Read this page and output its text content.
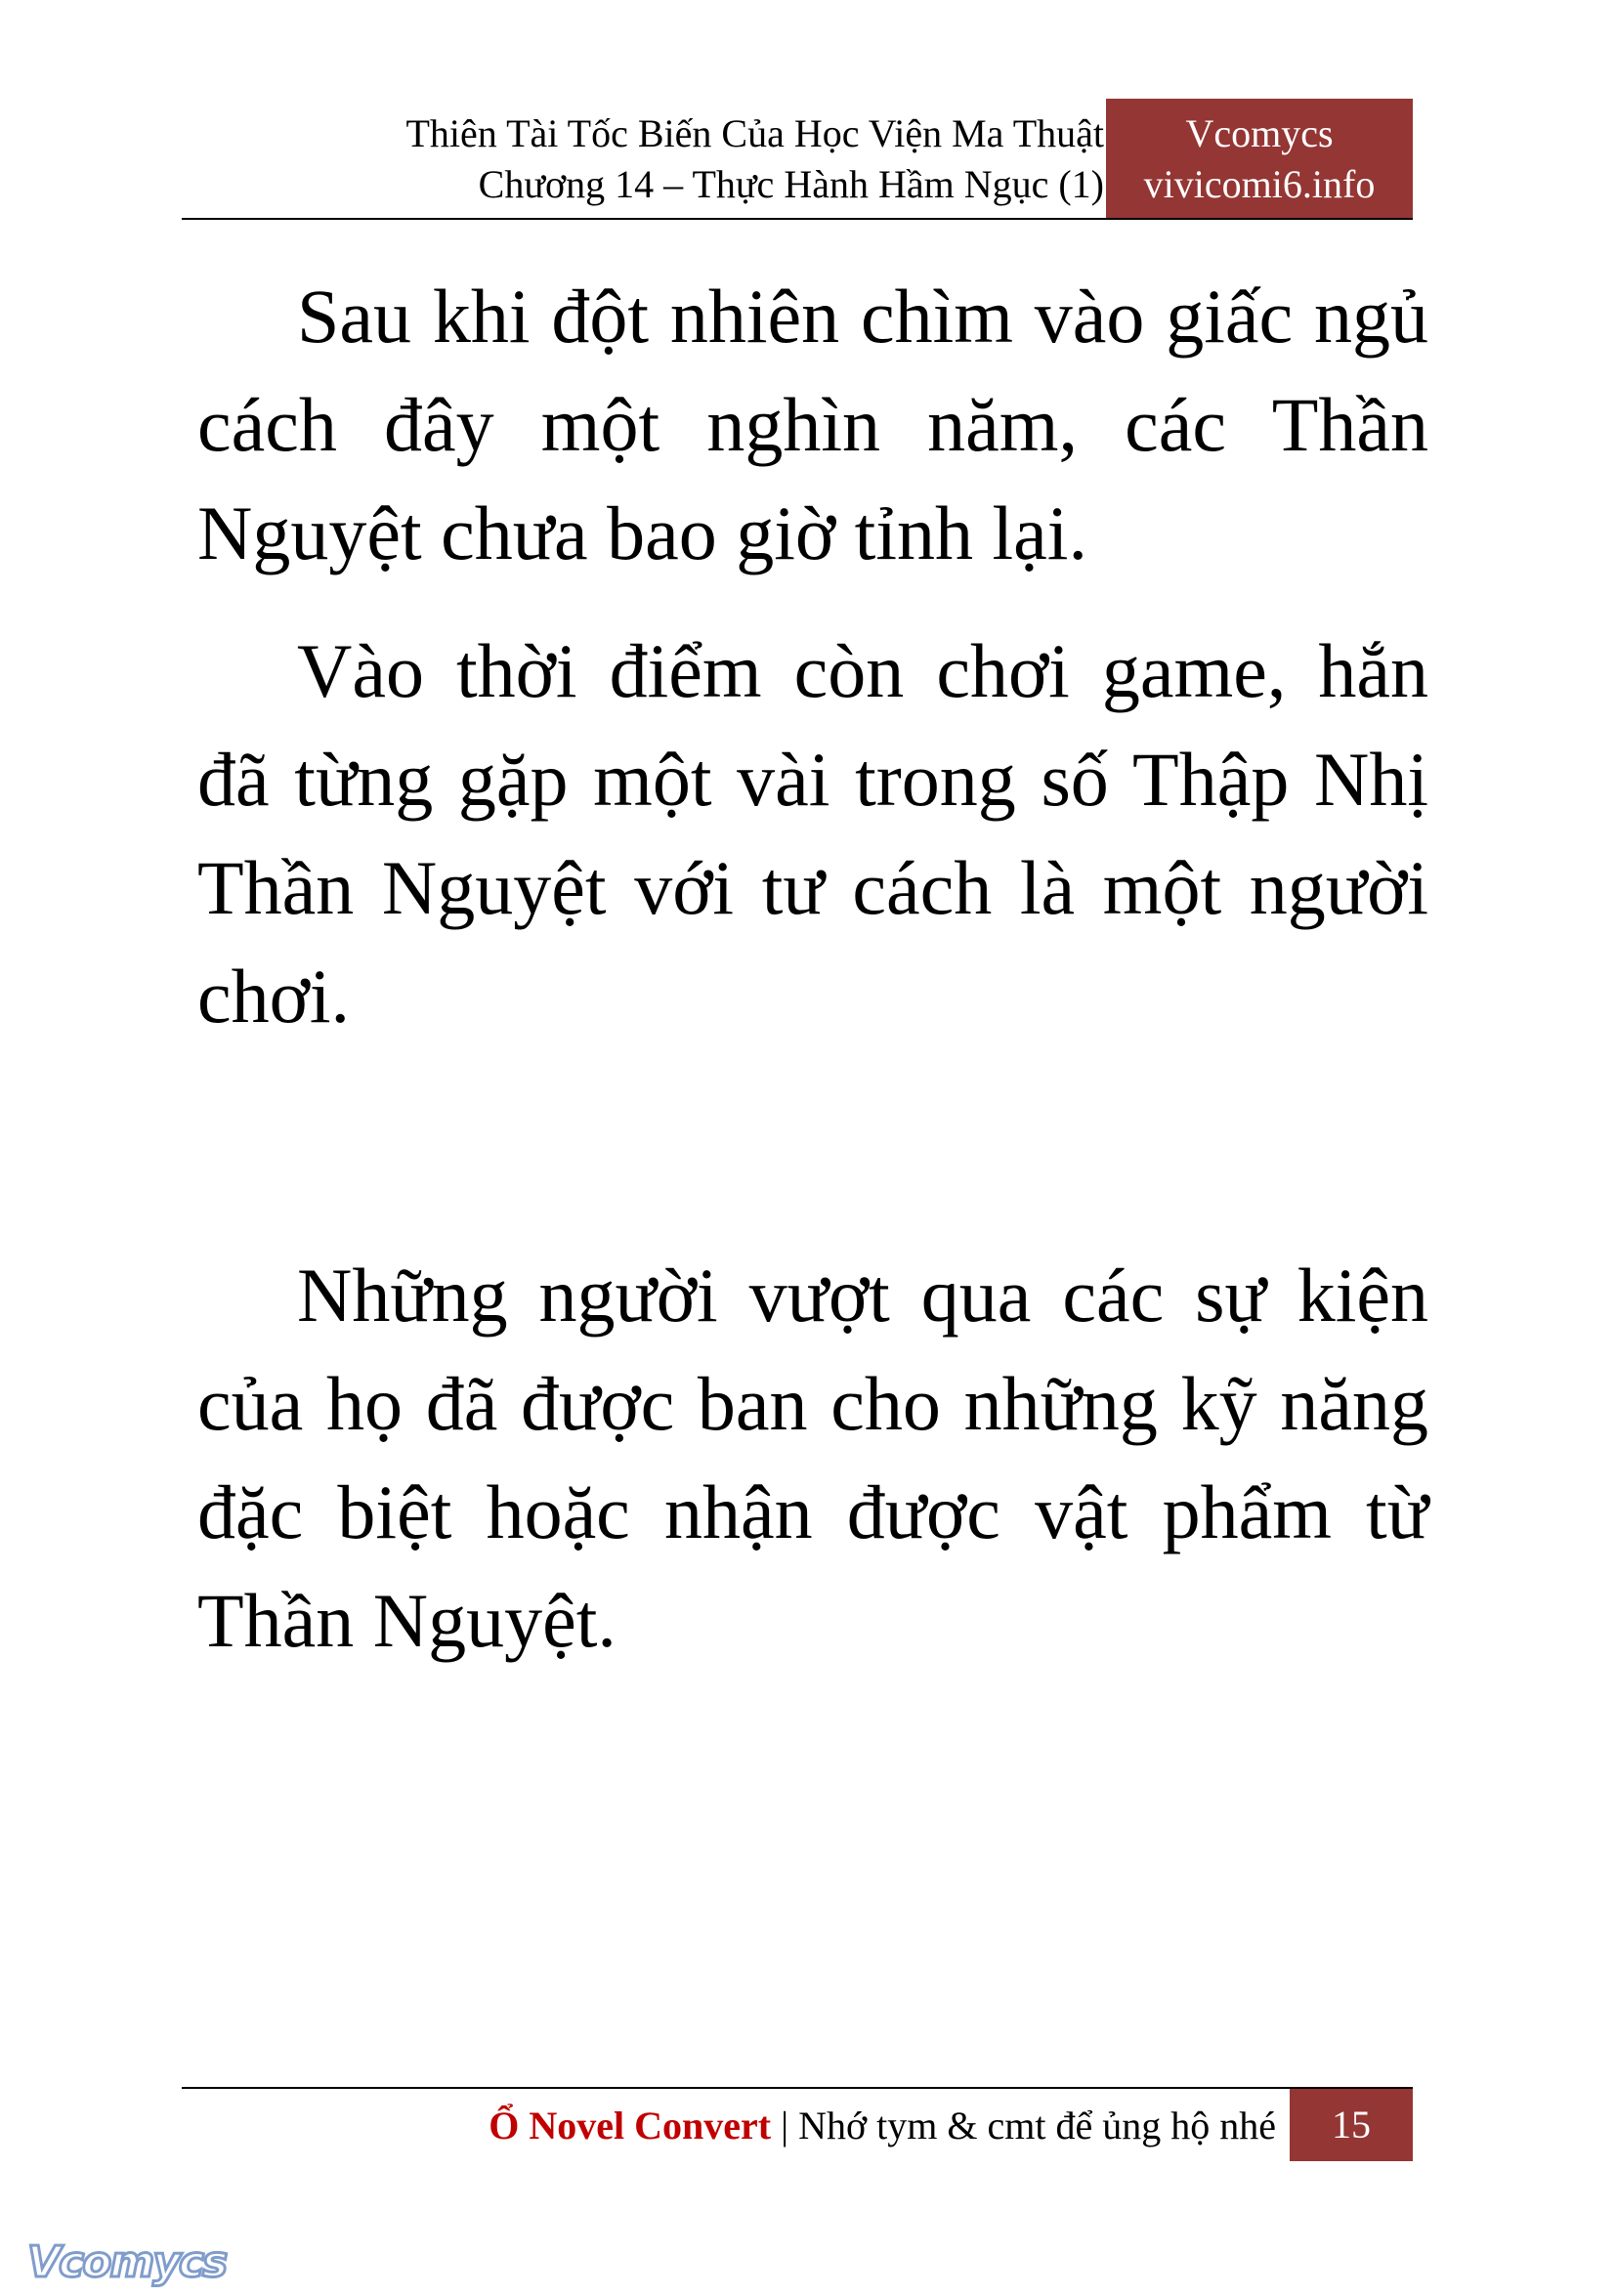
Thiên Tài Tốc Biến Của Học Viện Ma Thuật
Chương 14 – Thực Hành Hầm Ngục (1)
Vcomycs
vivicomi6.info

Sau khi đột nhiên chìm vào giấc ngủ cách đây một nghìn năm, các Thần Nguyệt chưa bao giờ tỉnh lại.

Vào thời điểm còn chơi game, hắn đã từng gặp một vài trong số Thập Nhị Thần Nguyệt với tư cách là một người chơi.

Những người vượt qua các sự kiện của họ đã được ban cho những kỹ năng đặc biệt hoặc nhận được vật phẩm từ Thần Nguyệt.

Ổ Novel Convert | Nhớ tym & cmt để ủng hộ nhé	15
Vcomycs
